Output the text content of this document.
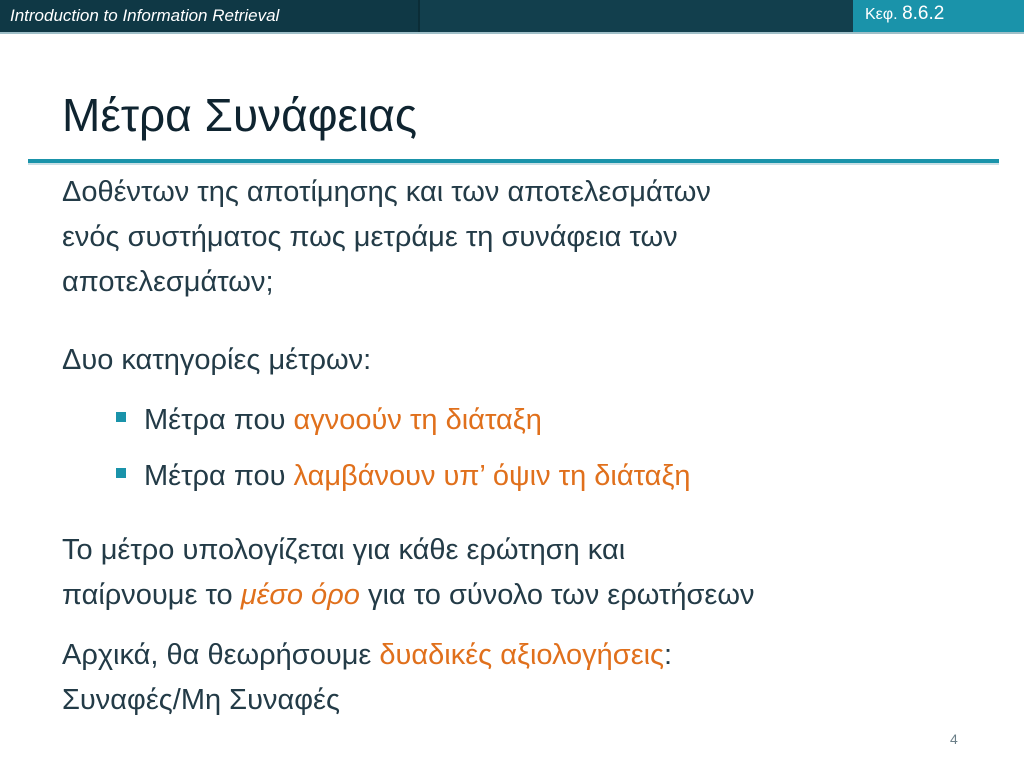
Introduction to Information Retrieval	Κεφ. 8.6.2
Μέτρα Συνάφειας
Δοθέντων της αποτίμησης και των αποτελεσμάτων
ενός συστήματος πως μετράμε τη συνάφεια των
αποτελεσμάτων;
Δυο κατηγορίες μέτρων:
Μέτρα που αγνοούν τη διάταξη
Μέτρα που λαμβάνουν υπ’ όψιν τη διάταξη
Το μέτρο υπολογίζεται για κάθε ερώτηση και
παίρνουμε το μέσο όρο για το σύνολο των ερωτήσεων
Αρχικά, θα θεωρήσουμε δυαδικές αξιολογήσεις:
Συναφές/Μη Συναφές
4
